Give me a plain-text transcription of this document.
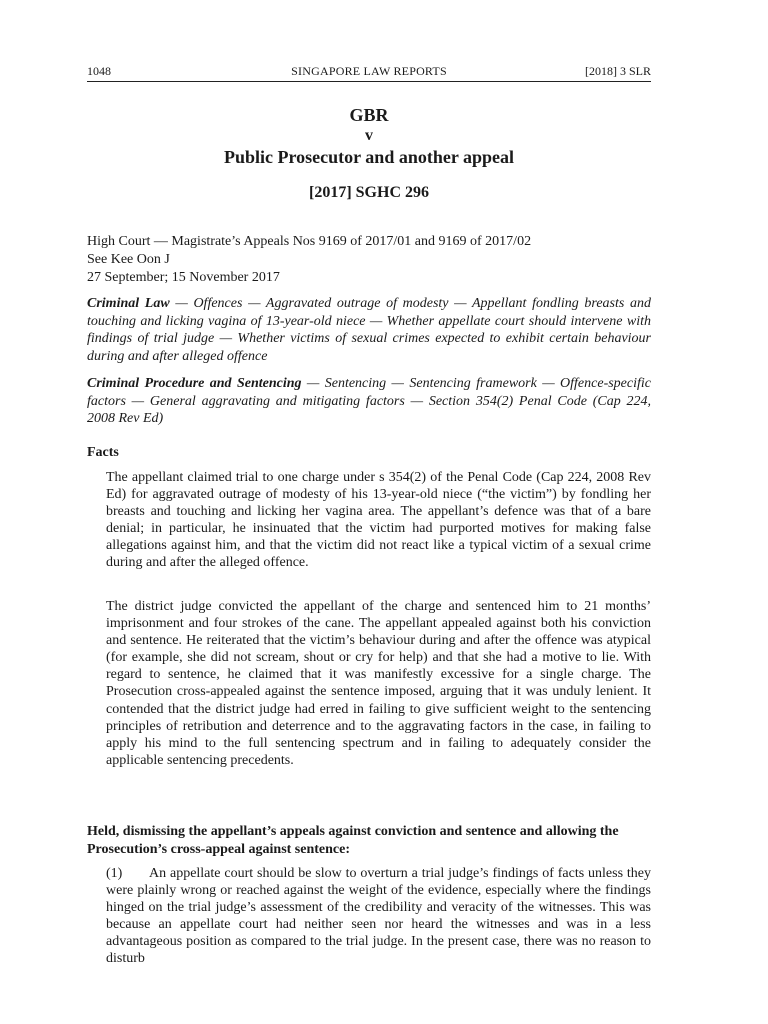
1048	SINGAPORE LAW REPORTS	[2018] 3 SLR
GBR
v
Public Prosecutor and another appeal
[2017] SGHC 296
High Court — Magistrate’s Appeals Nos 9169 of 2017/01 and 9169 of 2017/02
See Kee Oon J
27 September; 15 November 2017
Criminal Law — Offences — Aggravated outrage of modesty — Appellant fondling breasts and touching and licking vagina of 13-year-old niece — Whether appellate court should intervene with findings of trial judge — Whether victims of sexual crimes expected to exhibit certain behaviour during and after alleged offence
Criminal Procedure and Sentencing — Sentencing — Sentencing framework — Offence-specific factors — General aggravating and mitigating factors — Section 354(2) Penal Code (Cap 224, 2008 Rev Ed)
Facts
The appellant claimed trial to one charge under s 354(2) of the Penal Code (Cap 224, 2008 Rev Ed) for aggravated outrage of modesty of his 13-year-old niece (“the victim”) by fondling her breasts and touching and licking her vagina area. The appellant’s defence was that of a bare denial; in particular, he insinuated that the victim had purported motives for making false allegations against him, and that the victim did not react like a typical victim of a sexual crime during and after the alleged offence.
The district judge convicted the appellant of the charge and sentenced him to 21 months’ imprisonment and four strokes of the cane. The appellant appealed against both his conviction and sentence. He reiterated that the victim’s behaviour during and after the offence was atypical (for example, she did not scream, shout or cry for help) and that she had a motive to lie. With regard to sentence, he claimed that it was manifestly excessive for a single charge. The Prosecution cross-appealed against the sentence imposed, arguing that it was unduly lenient. It contended that the district judge had erred in failing to give sufficient weight to the sentencing principles of retribution and deterrence and to the aggravating factors in the case, in failing to apply his mind to the full sentencing spectrum and in failing to adequately consider the applicable sentencing precedents.
Held, dismissing the appellant’s appeals against conviction and sentence and allowing the Prosecution’s cross-appeal against sentence:
(1) An appellate court should be slow to overturn a trial judge’s findings of facts unless they were plainly wrong or reached against the weight of the evidence, especially where the findings hinged on the trial judge’s assessment of the credibility and veracity of the witnesses. This was because an appellate court had neither seen nor heard the witnesses and was in a less advantageous position as compared to the trial judge. In the present case, there was no reason to disturb
